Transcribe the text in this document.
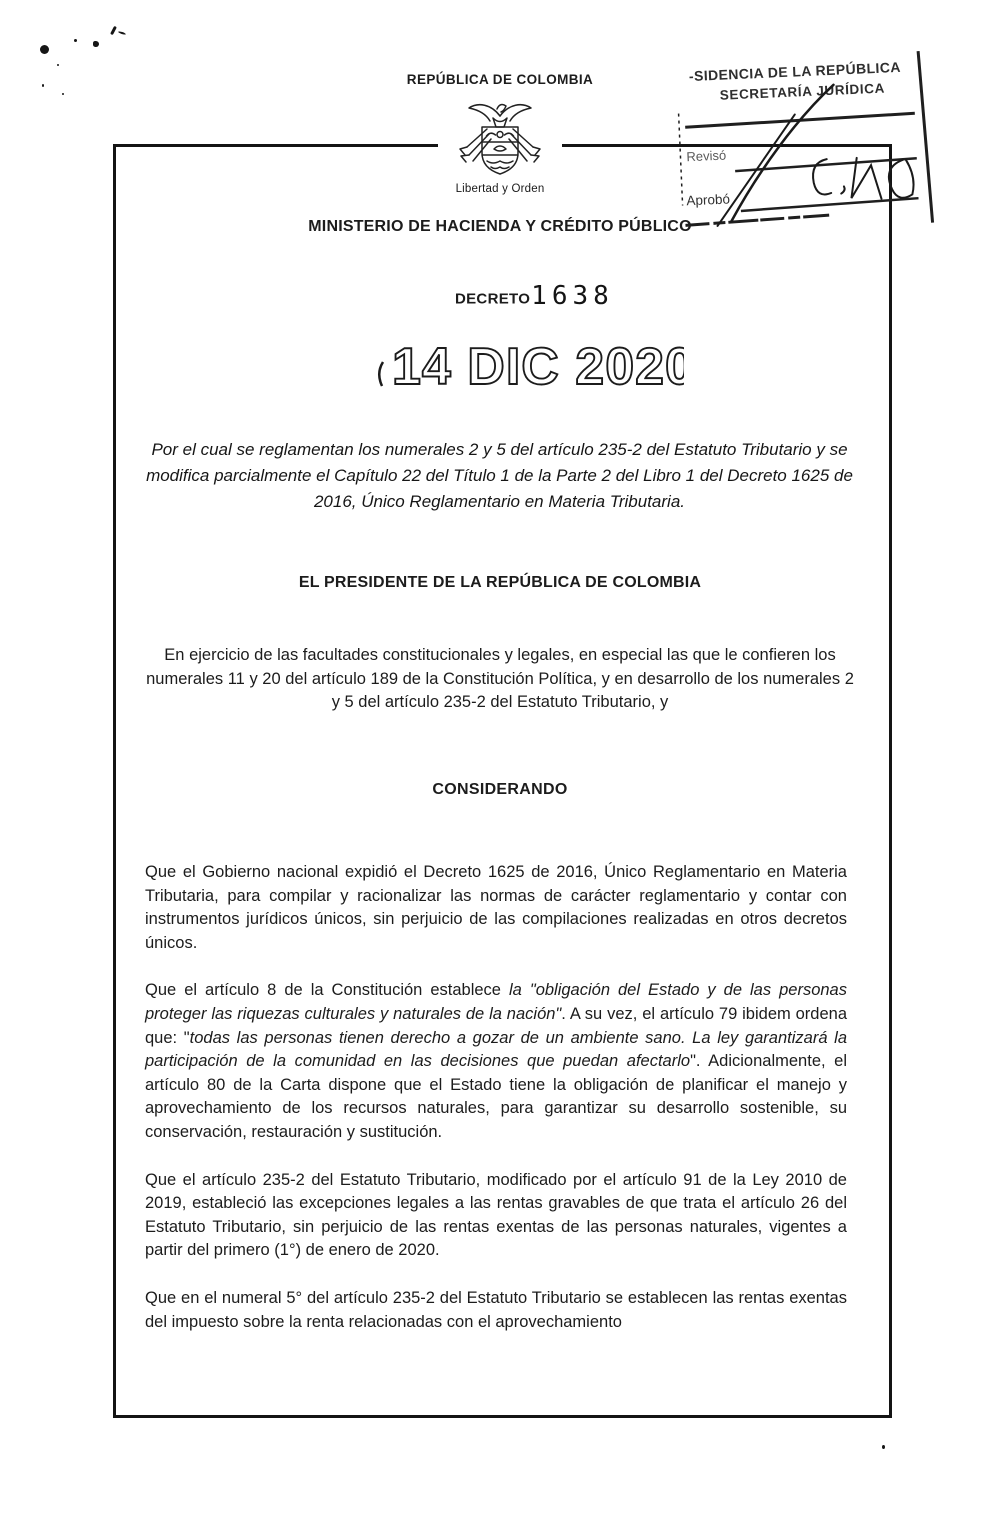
REPÚBLICA DE COLOMBIA
Libertad y Orden
-SIDENCIA DE LA REPÚBLICA
SECRETARÍA JURÍDICA
Revisó
Aprobó
MINISTERIO DE HACIENDA Y CRÉDITO PÚBLICO
DECRETO1638
14 DIC 2020
Por el cual se reglamentan los numerales 2 y 5 del artículo 235-2 del Estatuto Tributario y se modifica parcialmente el Capítulo 22 del Título 1 de la Parte 2 del Libro 1 del Decreto 1625 de 2016, Único Reglamentario en Materia Tributaria.
EL PRESIDENTE DE LA REPÚBLICA DE COLOMBIA
En ejercicio de las facultades constitucionales y legales, en especial las que le confieren los numerales 11 y 20 del artículo 189 de la Constitución Política, y en desarrollo de los numerales 2 y 5 del artículo 235-2 del Estatuto Tributario, y
CONSIDERANDO

Que el Gobierno nacional expidió el Decreto 1625 de 2016, Único Reglamentario en Materia Tributaria, para compilar y racionalizar las normas de carácter reglamentario y contar con instrumentos jurídicos únicos, sin perjuicio de las compilaciones realizadas en otros decretos únicos.

Que el artículo 8 de la Constitución establece la "obligación del Estado y de las personas proteger las riquezas culturales y naturales de la nación". A su vez, el artículo 79 ibidem ordena que: "todas las personas tienen derecho a gozar de un ambiente sano. La ley garantizará la participación de la comunidad en las decisiones que puedan afectarlo". Adicionalmente, el artículo 80 de la Carta dispone que el Estado tiene la obligación de planificar el manejo y aprovechamiento de los recursos naturales, para garantizar su desarrollo sostenible, su conservación, restauración y sustitución.

Que el artículo 235-2 del Estatuto Tributario, modificado por el artículo 91 de la Ley 2010 de 2019, estableció las excepciones legales a las rentas gravables de que trata el artículo 26 del Estatuto Tributario, sin perjuicio de las rentas exentas de las personas naturales, vigentes a partir del primero (1°) de enero de 2020.

Que en el numeral 5° del artículo 235-2 del Estatuto Tributario se establecen las rentas exentas del impuesto sobre la renta relacionadas con el aprovechamiento
